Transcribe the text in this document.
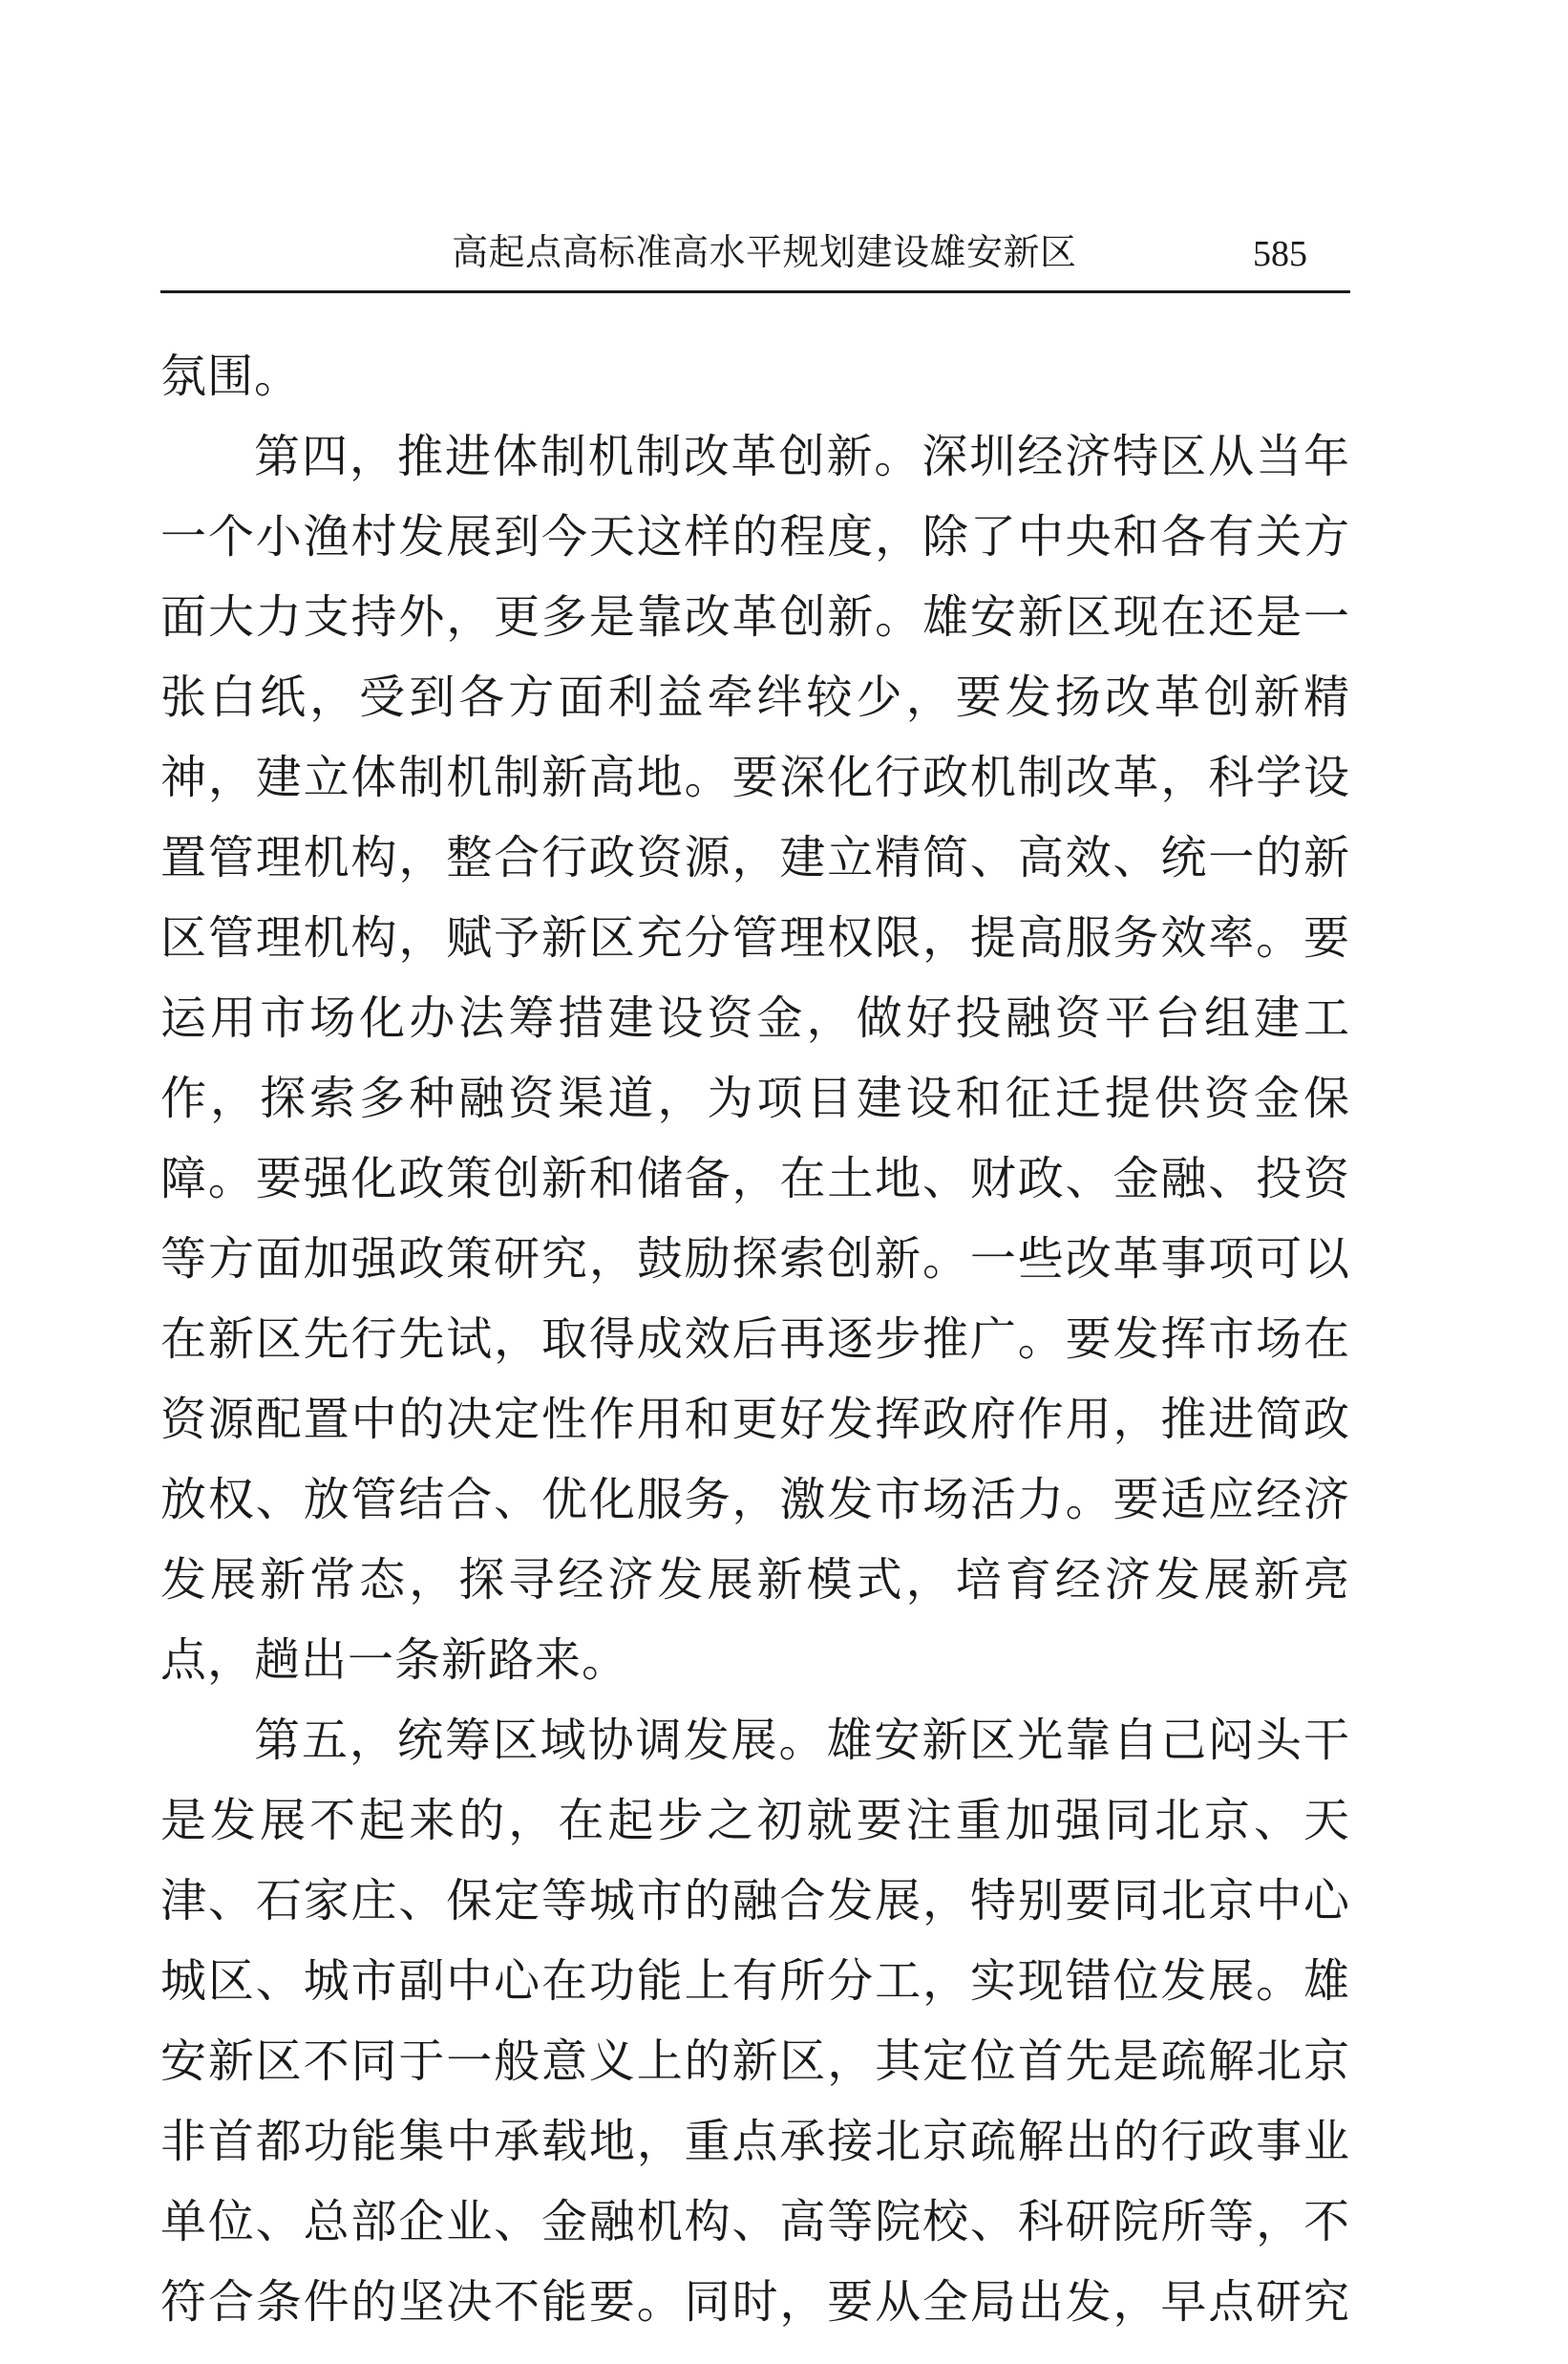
高起点高标准高水平规划建设雄安新区	585
氛围。
第四，推进体制机制改革创新。深圳经济特区从当年
一个小渔村发展到今天这样的程度，除了中央和各有关方
面大力支持外，更多是靠改革创新。雄安新区现在还是一
张白纸，受到各方面利益牵绊较少，要发扬改革创新精
神，建立体制机制新高地。要深化行政机制改革，科学设
置管理机构，整合行政资源，建立精简、高效、统一的新
区管理机构，赋予新区充分管理权限，提高服务效率。要
运用市场化办法筹措建设资金，做好投融资平台组建工
作，探索多种融资渠道，为项目建设和征迁提供资金保
障。要强化政策创新和储备，在土地、财政、金融、投资
等方面加强政策研究，鼓励探索创新。一些改革事项可以
在新区先行先试，取得成效后再逐步推广。要发挥市场在
资源配置中的决定性作用和更好发挥政府作用，推进简政
放权、放管结合、优化服务，激发市场活力。要适应经济
发展新常态，探寻经济发展新模式，培育经济发展新亮
点，趟出一条新路来。
第五，统筹区域协调发展。雄安新区光靠自己闷头干
是发展不起来的，在起步之初就要注重加强同北京、天
津、石家庄、保定等城市的融合发展，特别要同北京中心
城区、城市副中心在功能上有所分工，实现错位发展。雄
安新区不同于一般意义上的新区，其定位首先是疏解北京
非首都功能集中承载地，重点承接北京疏解出的行政事业
单位、总部企业、金融机构、高等院校、科研院所等，不
符合条件的坚决不能要。同时，要从全局出发，早点研究
